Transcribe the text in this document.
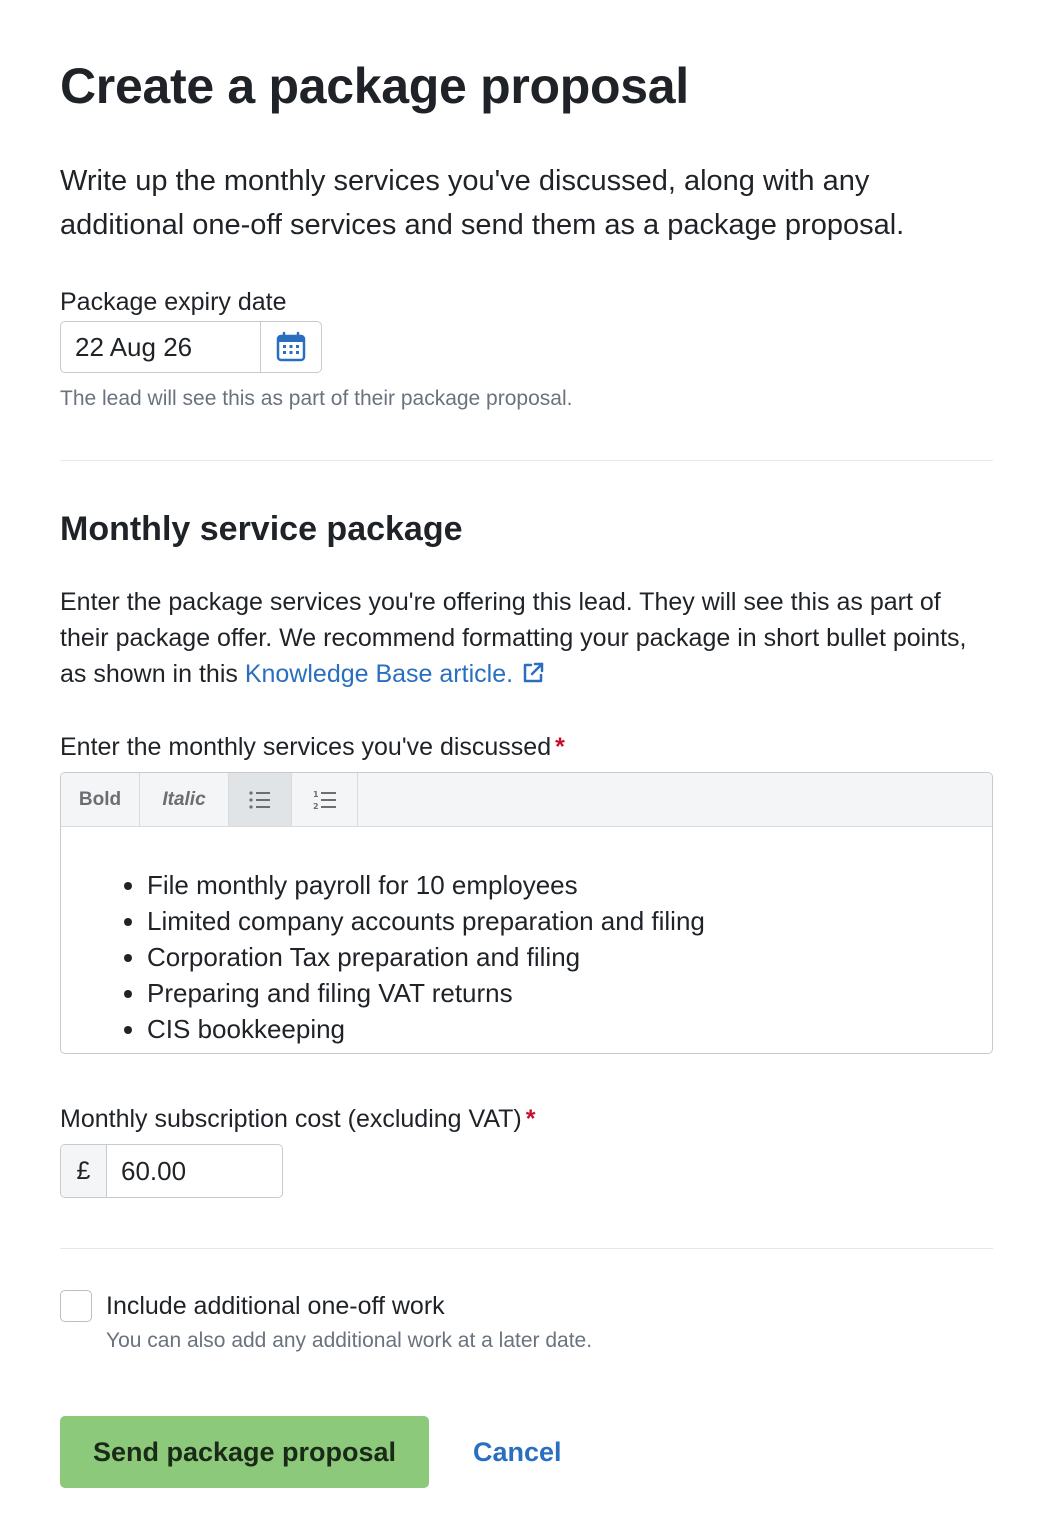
Create a package proposal

Write up the monthly services you've discussed, along with any additional one-off services and send them as a package proposal.

Package expiry date
22 Aug 26
The lead will see this as part of their package proposal.
Monthly service package
Enter the package services you're offering this lead. They will see this as part of their package offer. We recommend formatting your package in short bullet points, as shown in this Knowledge Base article.
Enter the monthly services you've discussed *
Bold	Italic	1
2
• File monthly payroll for 10 employees
• Limited company accounts preparation and filing
• Corporation Tax preparation and filing
• Preparing and filing VAT returns
• CIS bookkeeping
Monthly subscription cost (excluding VAT) *
£	60.00
Include additional one-off work
You can also add any additional work at a later date.
Send package proposal	Cancel
